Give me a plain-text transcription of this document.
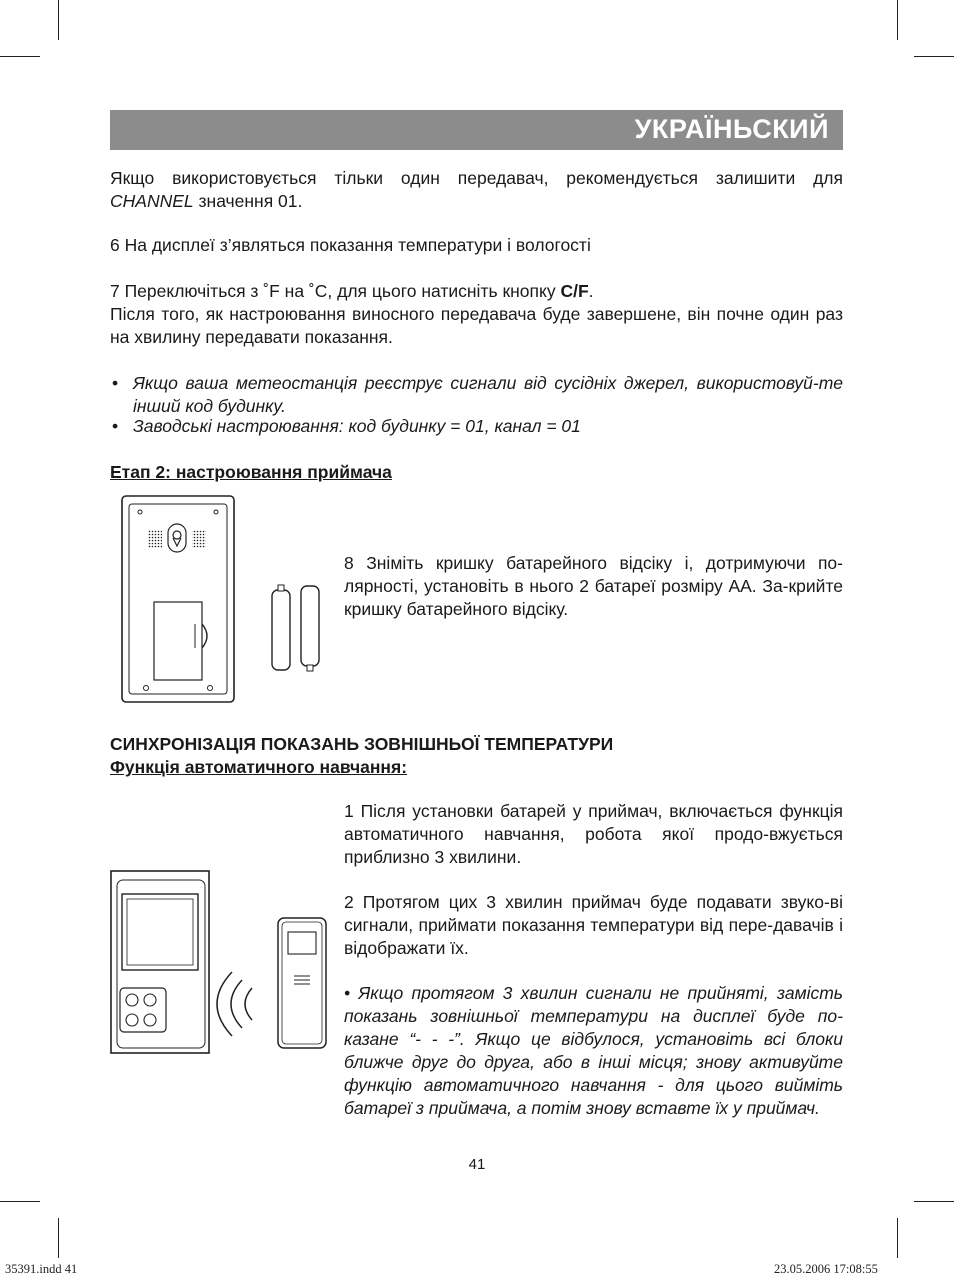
УКРАЇНЬСКИЙ
Якщо використовується тільки один передавач, рекомендується залишити для
CHANNEL значення 01.
6 На дисплеї з’являться показання температури і вологості
7 Переключіться з ˚F на ˚C, для цього натисніть кнопку C/F.
Після того, як настроювання виносного передавача буде завершене, він почне один раз на хвилину передавати показання.
• Якщо ваша метеостанція реєструє сигнали від сусідніх джерел, використовуй-те інший код будинку.
• Заводські настроювання: код будинку = 01, канал = 01
Етап 2: настроювання приймача
8 Зніміть кришку батарейного відсіку і, дотримуючи по-лярності, установіть в нього 2 батареї розміру АА. За-крийте кришку батарейного відсіку.
СИНХРОНІЗАЦІЯ ПОКАЗАНЬ ЗОВНІШНЬОЇ ТЕМПЕРАТУРИ
Функція автоматичного навчання:
1 Після установки батарей у приймач, включається функція автоматичного навчання, робота якої продо-вжується приблизно 3 хвилини.
2 Протягом цих 3 хвилин приймач буде подавати звуко-ві сигнали, приймати показання температури від пере-давачів і відображати їх.
• Якщо протягом 3 хвилин сигнали не прийняті, замість показань зовнішньої температури на дисплеї буде по-казане “- - -”. Якщо це відбулося, установіть всі блоки ближче друг до друга, або в інші місця; знову активуйте функцію автоматичного навчання - для цього вийміть батареї з приймача, а потім знову вставте їх у приймач.
41
35391.indd 41	23.05.2006 17:08:55
